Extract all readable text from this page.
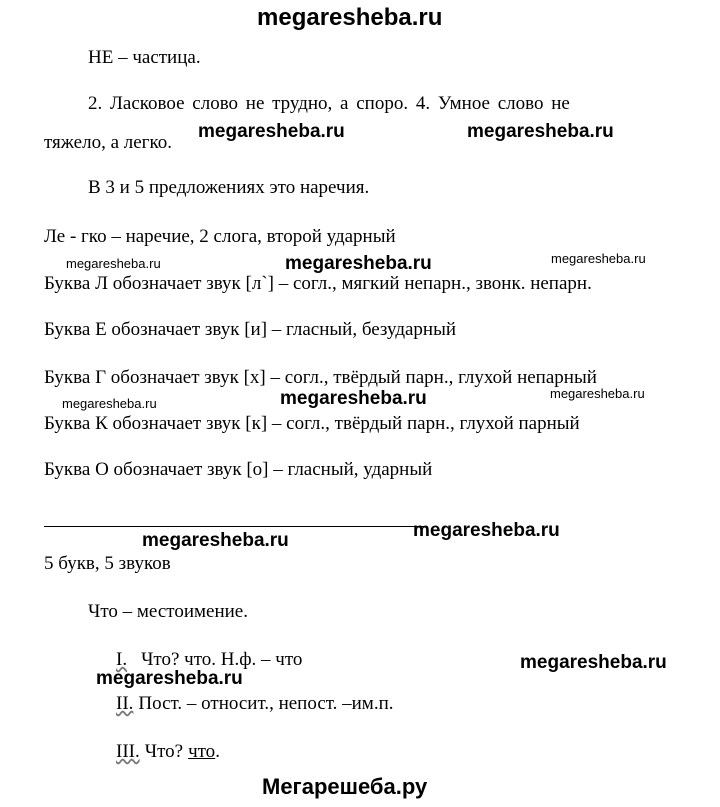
megaresheba.ru
НЕ – частица.
2. Ласковое слово не трудно, а споро. 4. Умное слово не
тяжело, а легко.
В 3 и 5 предложениях это наречия.
Ле - гко – наречие, 2 слога, второй ударный
Буква Л обозначает звук [л`] – согл., мягкий непарн., звонк. непарн.
Буква Е обозначает звук [и] – гласный, безударный
Буква Г обозначает звук [х] – согл., твёрдый парн., глухой непарный
Буква К обозначает звук [к] – согл., твёрдый парн., глухой парный
Буква О обозначает звук [о] – гласный, ударный
5 букв, 5 звуков
Что – местоимение.
I. Что? что. Н.ф. – что
II. Пост. – относит., непост. –им.п.
III. Что? что.
megaresheba.ru	megaresheba.ru
megaresheba.ru	megaresheba.ru	megaresheba.ru
megaresheba.ru	megaresheba.ru	megaresheba.ru
megaresheba.ru
megaresheba.ru
megaresheba.ru
megaresheba.ru
Мегарешеба.ру
